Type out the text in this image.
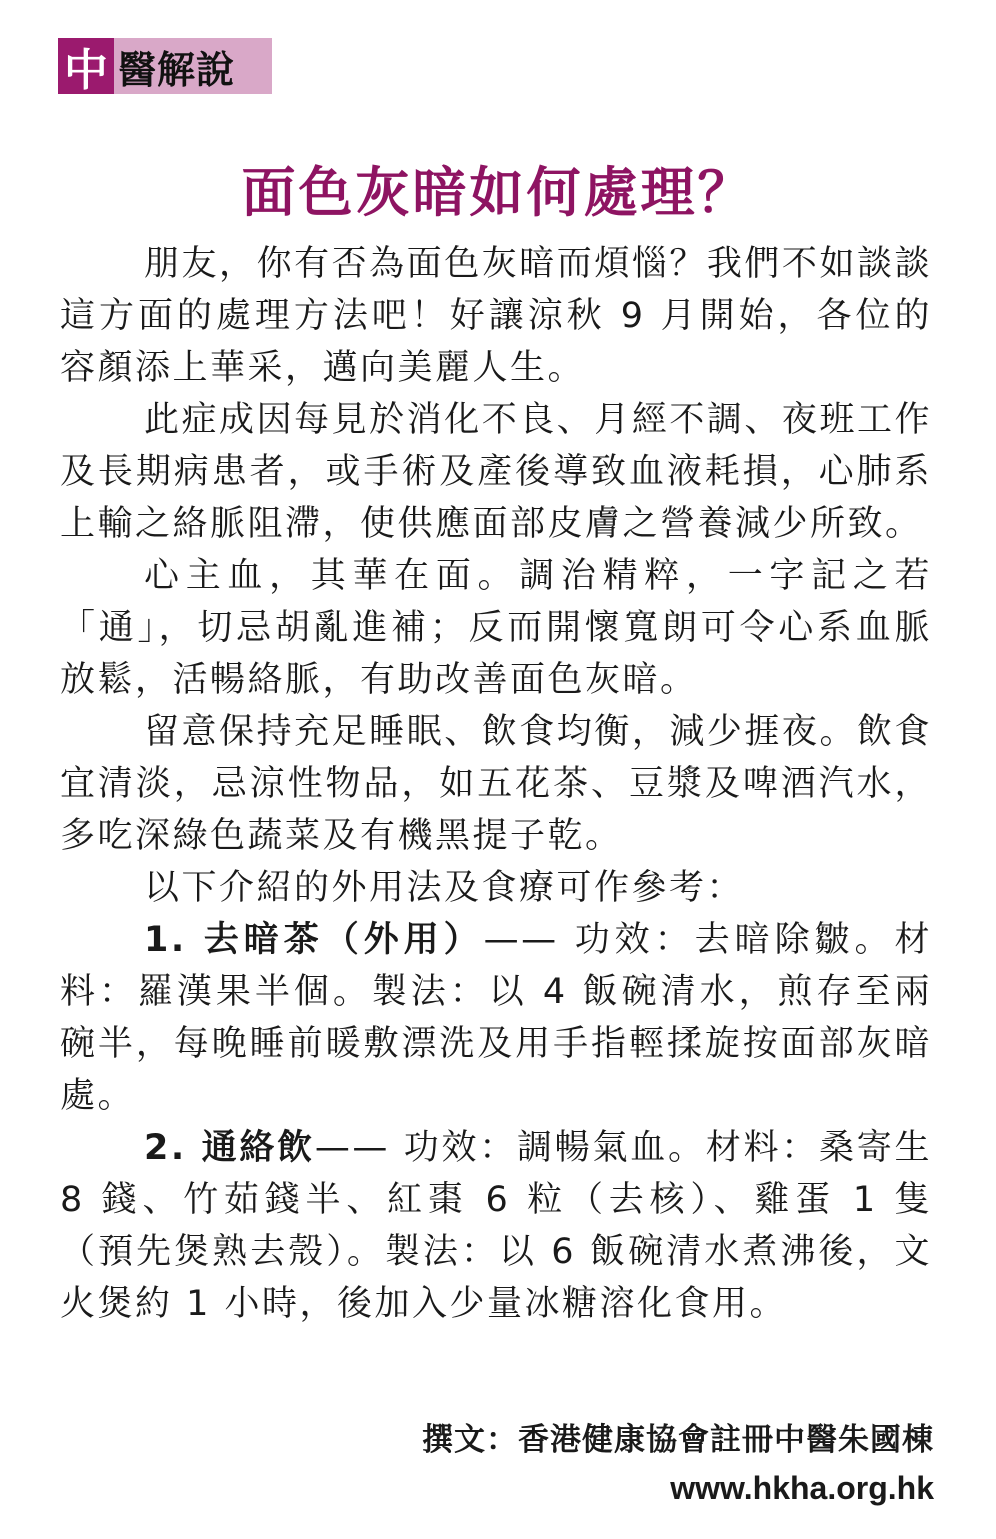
中 醫解說
面色灰暗如何處理？

朋友，你有否為面色灰暗而煩惱？我們不如談談這方面的處理方法吧！好讓涼秋 9 月開始，各位的容顏添上華采，邁向美麗人生。

此症成因每見於消化不良、月經不調、夜班工作及長期病患者，或手術及產後導致血液耗損，心肺系上輸之絡脈阻滯，使供應面部皮膚之營養減少所致。

心主血，其華在面。調治精粹，一字記之若「通」，切忌胡亂進補；反而開懷寬朗可令心系血脈放鬆，活暢絡脈，有助改善面色灰暗。

留意保持充足睡眠、飲食均衡，減少捱夜。飲食宜清淡，忌涼性物品，如五花茶、豆漿及啤酒汽水，多吃深綠色蔬菜及有機黑提子乾。

以下介紹的外用法及食療可作參考：

1. 去暗茶（外用）—— 功效：去暗除皺。材料：羅漢果半個。製法：以 4 飯碗清水，煎存至兩碗半，每晚睡前暖敷漂洗及用手指輕揉旋按面部灰暗處。

2. 通絡飲—— 功效：調暢氣血。材料：桑寄生 8 錢、竹茹錢半、紅棗 6 粒（去核）、雞蛋 1 隻（預先煲熟去殼）。製法：以 6 飯碗清水煮沸後，文火煲約 1 小時，後加入少量冰糖溶化食用。

撰文：香港健康協會註冊中醫朱國棟
www.hkha.org.hk
